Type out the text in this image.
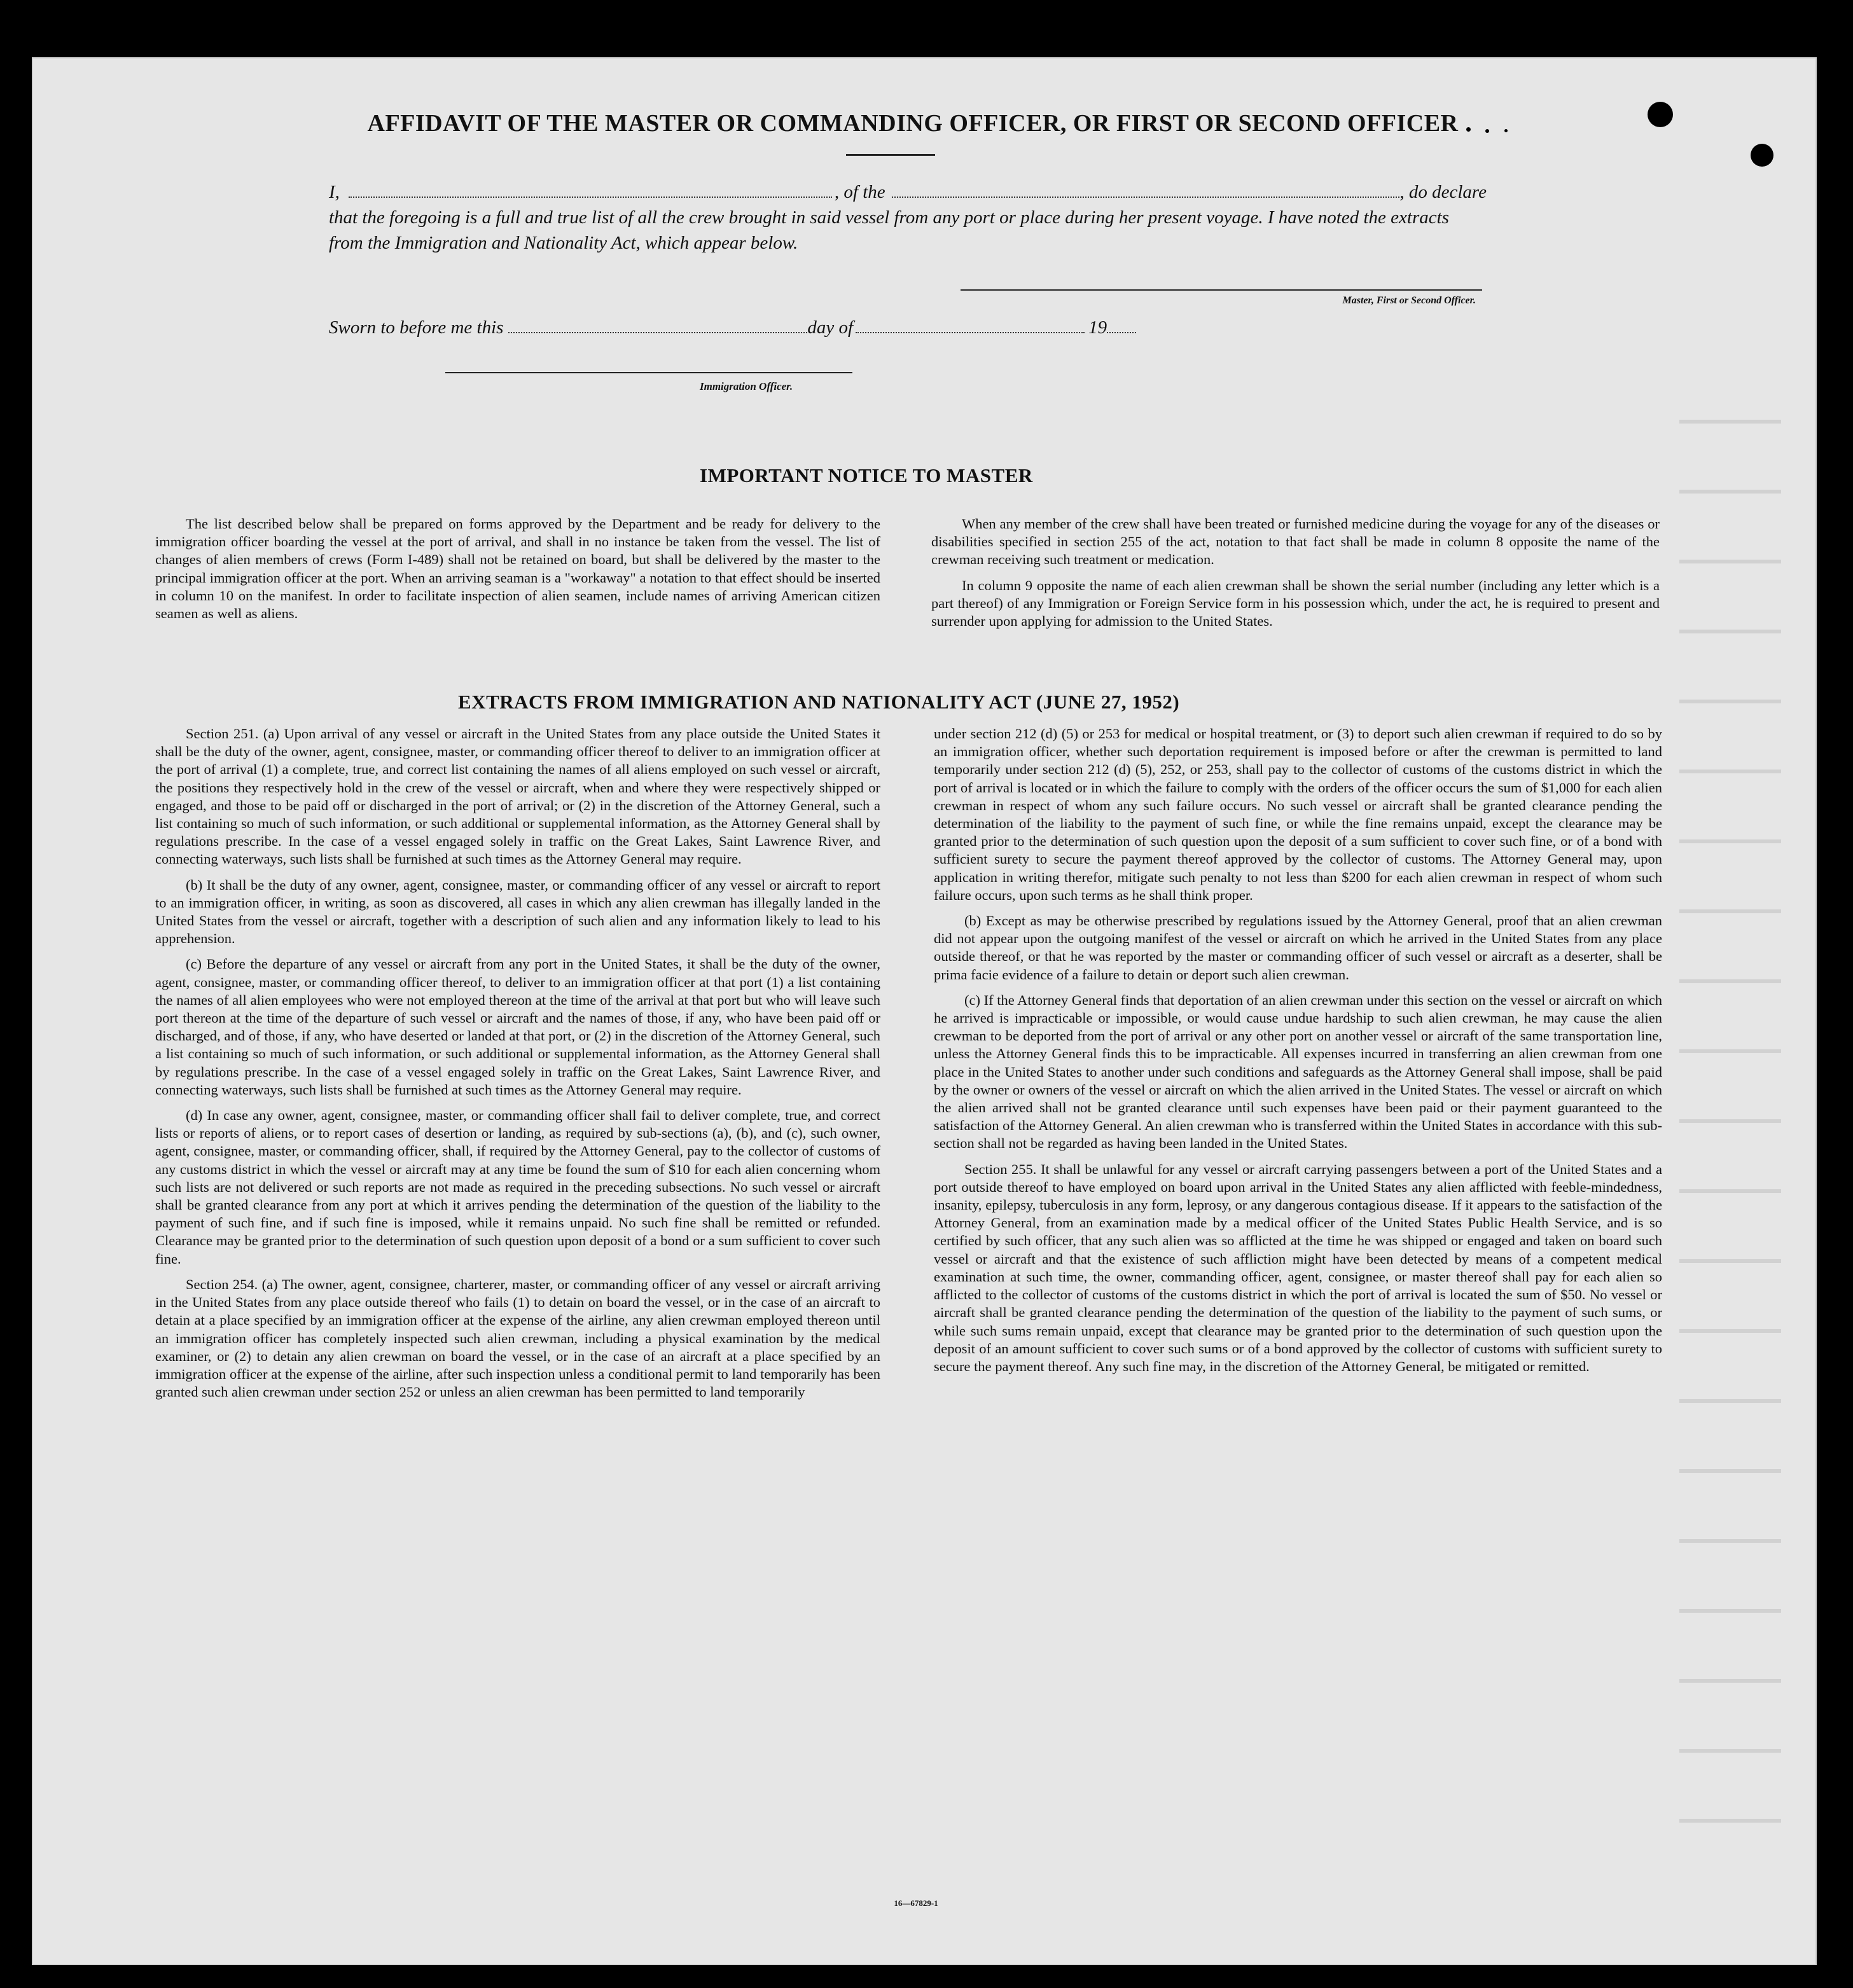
AFFIDAVIT OF THE MASTER OR COMMANDING OFFICER, OR FIRST OR SECOND OFFICER
I,	, of the	, do declare
that the foregoing is a full and true list of all the crew brought in said vessel from any port or place during her present voyage. I have noted the extracts from the Immigration and Nationality Act, which appear below.
Master, First or Second Officer.
Sworn to before me this	day of	19
Immigration Officer.
IMPORTANT NOTICE TO MASTER

The list described below shall be prepared on forms approved by the Department and be ready for delivery to the immigration officer boarding the vessel at the port of arrival, and shall in no instance be taken from the vessel. The list of changes of alien members of crews (Form I-489) shall not be retained on board, but shall be delivered by the master to the principal immigration officer at the port. When an arriving seaman is a "workaway" a notation to that effect should be inserted in column 10 on the manifest. In order to facilitate inspection of alien seamen, include names of arriving American citizen seamen as well as aliens.

When any member of the crew shall have been treated or furnished medicine during the voyage for any of the diseases or disabilities specified in section 255 of the act, notation to that fact shall be made in column 8 opposite the name of the crewman receiving such treatment or medication.

In column 9 opposite the name of each alien crewman shall be shown the serial number (including any letter which is a part thereof) of any Immigration or Foreign Service form in his possession which, under the act, he is required to present and surrender upon applying for admission to the United States.

EXTRACTS FROM IMMIGRATION AND NATIONALITY ACT (JUNE 27, 1952)

Section 251. (a) Upon arrival of any vessel or aircraft in the United States from any place outside the United States it shall be the duty of the owner, agent, consignee, master, or commanding officer thereof to deliver to an immigration officer at the port of arrival (1) a complete, true, and correct list containing the names of all aliens employed on such vessel or aircraft, the positions they respectively hold in the crew of the vessel or aircraft, when and where they were respectively shipped or engaged, and those to be paid off or discharged in the port of arrival; or (2) in the discretion of the Attorney General, such a list containing so much of such information, or such additional or supplemental information, as the Attorney General shall by regulations prescribe. In the case of a vessel engaged solely in traffic on the Great Lakes, Saint Lawrence River, and connecting waterways, such lists shall be furnished at such times as the Attorney General may require.

(b) It shall be the duty of any owner, agent, consignee, master, or commanding officer of any vessel or aircraft to report to an immigration officer, in writing, as soon as discovered, all cases in which any alien crewman has illegally landed in the United States from the vessel or aircraft, together with a description of such alien and any information likely to lead to his apprehension.

(c) Before the departure of any vessel or aircraft from any port in the United States, it shall be the duty of the owner, agent, consignee, master, or commanding officer thereof, to deliver to an immigration officer at that port (1) a list containing the names of all alien employees who were not employed thereon at the time of the arrival at that port but who will leave such port thereon at the time of the departure of such vessel or aircraft and the names of those, if any, who have been paid off or discharged, and of those, if any, who have deserted or landed at that port, or (2) in the discretion of the Attorney General, such a list containing so much of such information, or such additional or supplemental information, as the Attorney General shall by regulations prescribe. In the case of a vessel engaged solely in traffic on the Great Lakes, Saint Lawrence River, and connecting waterways, such lists shall be furnished at such times as the Attorney General may require.

(d) In case any owner, agent, consignee, master, or commanding officer shall fail to deliver complete, true, and correct lists or reports of aliens, or to report cases of desertion or landing, as required by sub-sections (a), (b), and (c), such owner, agent, consignee, master, or commanding officer, shall, if required by the Attorney General, pay to the collector of customs of any customs district in which the vessel or aircraft may at any time be found the sum of $10 for each alien concerning whom such lists are not delivered or such reports are not made as required in the preceding subsections. No such vessel or aircraft shall be granted clearance from any port at which it arrives pending the determination of the question of the liability to the payment of such fine, and if such fine is imposed, while it remains unpaid. No such fine shall be remitted or refunded. Clearance may be granted prior to the determination of such question upon deposit of a bond or a sum sufficient to cover such fine.

Section 254. (a) The owner, agent, consignee, charterer, master, or commanding officer of any vessel or aircraft arriving in the United States from any place outside thereof who fails (1) to detain on board the vessel, or in the case of an aircraft to detain at a place specified by an immigration officer at the expense of the airline, any alien crewman employed thereon until an immigration officer has completely inspected such alien crewman, including a physical examination by the medical examiner, or (2) to detain any alien crewman on board the vessel, or in the case of an aircraft at a place specified by an immigration officer at the expense of the airline, after such inspection unless a conditional permit to land temporarily has been granted such alien crewman under section 252 or unless an alien crewman has been permitted to land temporarily

under section 212 (d) (5) or 253 for medical or hospital treatment, or (3) to deport such alien crewman if required to do so by an immigration officer, whether such deportation requirement is imposed before or after the crewman is permitted to land temporarily under section 212 (d) (5), 252, or 253, shall pay to the collector of customs of the customs district in which the port of arrival is located or in which the failure to comply with the orders of the officer occurs the sum of $1,000 for each alien crewman in respect of whom any such failure occurs. No such vessel or aircraft shall be granted clearance pending the determination of the liability to the payment of such fine, or while the fine remains unpaid, except the clearance may be granted prior to the determination of such question upon the deposit of a sum sufficient to cover such fine, or of a bond with sufficient surety to secure the payment thereof approved by the collector of customs. The Attorney General may, upon application in writing therefor, mitigate such penalty to not less than $200 for each alien crewman in respect of whom such failure occurs, upon such terms as he shall think proper.

(b) Except as may be otherwise prescribed by regulations issued by the Attorney General, proof that an alien crewman did not appear upon the outgoing manifest of the vessel or aircraft on which he arrived in the United States from any place outside thereof, or that he was reported by the master or commanding officer of such vessel or aircraft as a deserter, shall be prima facie evidence of a failure to detain or deport such alien crewman.

(c) If the Attorney General finds that deportation of an alien crewman under this section on the vessel or aircraft on which he arrived is impracticable or impossible, or would cause undue hardship to such alien crewman, he may cause the alien crewman to be deported from the port of arrival or any other port on another vessel or aircraft of the same transportation line, unless the Attorney General finds this to be impracticable. All expenses incurred in transferring an alien crewman from one place in the United States to another under such conditions and safeguards as the Attorney General shall impose, shall be paid by the owner or owners of the vessel or aircraft on which the alien arrived in the United States. The vessel or aircraft on which the alien arrived shall not be granted clearance until such expenses have been paid or their payment guaranteed to the satisfaction of the Attorney General. An alien crewman who is transferred within the United States in accordance with this sub-section shall not be regarded as having been landed in the United States.

Section 255. It shall be unlawful for any vessel or aircraft carrying passengers between a port of the United States and a port outside thereof to have employed on board upon arrival in the United States any alien afflicted with feeble-mindedness, insanity, epilepsy, tuberculosis in any form, leprosy, or any dangerous contagious disease. If it appears to the satisfaction of the Attorney General, from an examination made by a medical officer of the United States Public Health Service, and is so certified by such officer, that any such alien was so afflicted at the time he was shipped or engaged and taken on board such vessel or aircraft and that the existence of such affliction might have been detected by means of a competent medical examination at such time, the owner, commanding officer, agent, consignee, or master thereof shall pay for each alien so afflicted to the collector of customs of the customs district in which the port of arrival is located the sum of $50. No vessel or aircraft shall be granted clearance pending the determination of the question of the liability to the payment of such sums, or while such sums remain unpaid, except that clearance may be granted prior to the determination of such question upon the deposit of an amount sufficient to cover such sums or of a bond approved by the collector of customs with sufficient surety to secure the payment thereof. Any such fine may, in the discretion of the Attorney General, be mitigated or remitted.

16—67829-1
